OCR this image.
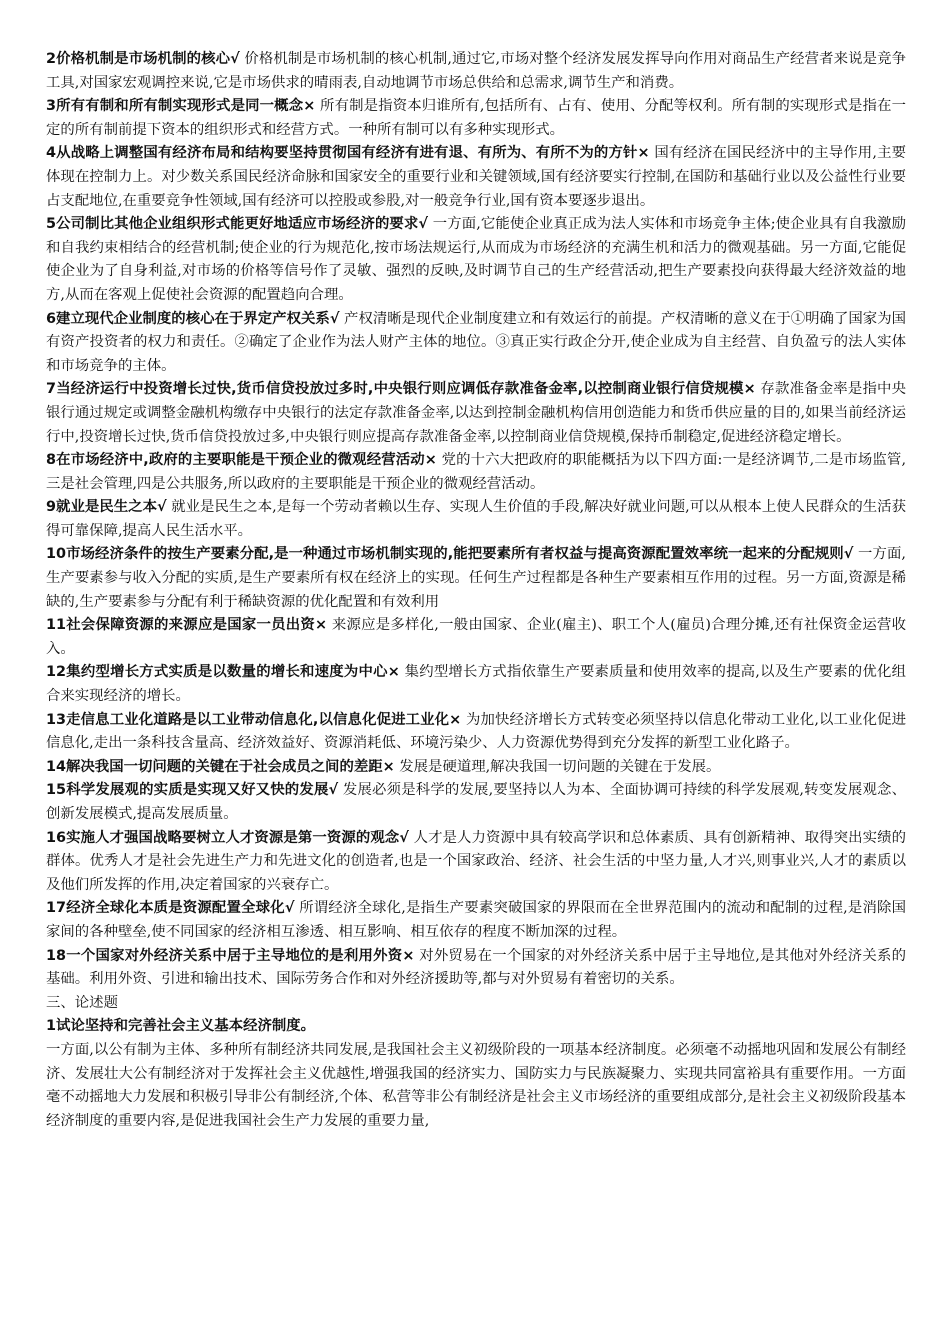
2价格机制是市场机制的核心√ 价格机制是市场机制的核心机制,通过它,市场对整个经济发展发挥导向作用对商品生产经营者来说是竞争工具,对国家宏观调控来说,它是市场供求的晴雨表,自动地调节市场总供给和总需求,调节生产和消费。

3所有有制和所有制实现形式是同一概念× 所有制是指资本归谁所有,包括所有、占有、使用、分配等权利。所有制的实现形式是指在一定的所有制前提下资本的组织形式和经营方式。一种所有制可以有多种实现形式。

4从战略上调整国有经济布局和结构要坚持贯彻国有经济有进有退、有所为、有所不为的方针× 国有经济在国民经济中的主导作用,主要体现在控制力上。对少数关系国民经济命脉和国家安全的重要行业和关键领域,国有经济要实行控制,在国防和基础行业以及公益性行业要占支配地位,在重要竞争性领域,国有经济可以控股或参股,对一般竞争行业,国有资本要逐步退出。

5公司制比其他企业组织形式能更好地适应市场经济的要求√ 一方面,它能使企业真正成为法人实体和市场竞争主体;使企业具有自我激励和自我约束相结合的经营机制;使企业的行为规范化,按市场法规运行,从而成为市场经济的充满生机和活力的微观基础。另一方面,它能促使企业为了自身利益,对市场的价格等信号作了灵敏、强烈的反映,及时调节自己的生产经营活动,把生产要素投向获得最大经济效益的地方,从而在客观上促使社会资源的配置趋向合理。

6建立现代企业制度的核心在于界定产权关系√ 产权清晰是现代企业制度建立和有效运行的前提。产权清晰的意义在于①明确了国家为国有资产投资者的权力和责任。②确定了企业作为法人财产主体的地位。③真正实行政企分开,使企业成为自主经营、自负盈亏的法人实体和市场竞争的主体。

7当经济运行中投资增长过快,货币信贷投放过多时,中央银行则应调低存款准备金率,以控制商业银行信贷规模× 存款准备金率是指中央银行通过规定或调整金融机构缴存中央银行的法定存款准备金率,以达到控制金融机构信用创造能力和货币供应量的目的,如果当前经济运行中,投资增长过快,货币信贷投放过多,中央银行则应提高存款准备金率,以控制商业信贷规模,保持币制稳定,促进经济稳定增长。

8在市场经济中,政府的主要职能是干预企业的微观经营活动× 党的十六大把政府的职能概括为以下四方面:一是经济调节,二是市场监管,三是社会管理,四是公共服务,所以政府的主要职能是干预企业的微观经营活动。

9就业是民生之本√ 就业是民生之本,是每一个劳动者赖以生存、实现人生价值的手段,解决好就业问题,可以从根本上使人民群众的生活获得可靠保障,提高人民生活水平。

10市场经济条件的按生产要素分配,是一种通过市场机制实现的,能把要素所有者权益与提高资源配置效率统一起来的分配规则√ 一方面,生产要素参与收入分配的实质,是生产要素所有权在经济上的实现。任何生产过程都是各种生产要素相互作用的过程。另一方面,资源是稀缺的,生产要素参与分配有利于稀缺资源的优化配置和有效利用

11社会保障资源的来源应是国家一员出资× 来源应是多样化,一般由国家、企业(雇主)、职工个人(雇员)合理分摊,还有社保资金运营收入。

12集约型增长方式实质是以数量的增长和速度为中心× 集约型增长方式指依靠生产要素质量和使用效率的提高,以及生产要素的优化组合来实现经济的增长。

13走信息工业化道路是以工业带动信息化,以信息化促进工业化× 为加快经济增长方式转变必须坚持以信息化带动工业化,以工业化促进信息化,走出一条科技含量高、经济效益好、资源消耗低、环境污染少、人力资源优势得到充分发挥的新型工业化路子。

14解决我国一切问题的关键在于社会成员之间的差距× 发展是硬道理,解决我国一切问题的关键在于发展。

15科学发展观的实质是实现又好又快的发展√ 发展必须是科学的发展,要坚持以人为本、全面协调可持续的科学发展观,转变发展观念、创新发展模式,提高发展质量。

16实施人才强国战略要树立人才资源是第一资源的观念√ 人才是人力资源中具有较高学识和总体素质、具有创新精神、取得突出实绩的群体。优秀人才是社会先进生产力和先进文化的创造者,也是一个国家政治、经济、社会生活的中坚力量,人才兴,则事业兴,人才的素质以及他们所发挥的作用,决定着国家的兴衰存亡。

17经济全球化本质是资源配置全球化√ 所谓经济全球化,是指生产要素突破国家的界限而在全世界范围内的流动和配制的过程,是消除国家间的各种壁垒,使不同国家的经济相互渗透、相互影响、相互依存的程度不断加深的过程。

18一个国家对外经济关系中居于主导地位的是利用外资× 对外贸易在一个国家的对外经济关系中居于主导地位,是其他对外经济关系的基础。利用外资、引进和输出技术、国际劳务合作和对外经济援助等,都与对外贸易有着密切的关系。

三、论述题

1试论坚持和完善社会主义基本经济制度。

一方面,以公有制为主体、多种所有制经济共同发展,是我国社会主义初级阶段的一项基本经济制度。必须毫不动摇地巩固和发展公有制经济、发展壮大公有制经济对于发挥社会主义优越性,增强我国的经济实力、国防实力与民族凝聚力、实现共同富裕具有重要作用。一方面毫不动摇地大力发展和积极引导非公有制经济,个体、私营等非公有制经济是社会主义市场经济的重要组成部分,是社会主义初级阶段基本经济制度的重要内容,是促进我国社会生产力发展的重要力量,
